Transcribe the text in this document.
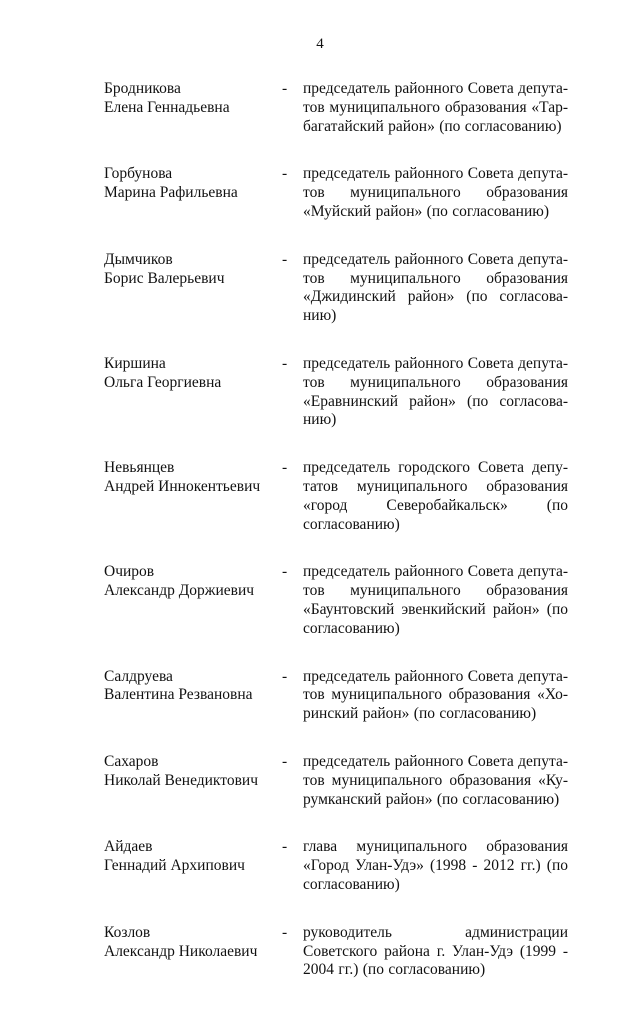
4
Бродникова
Елена Геннадьевна
- председатель районного Совета депутатов муниципального образования «Тарбагатайский район» (по согласованию)
Горбунова
Марина Рафильевна
- председатель районного Совета депутатов муниципального образования «Муйский район» (по согласованию)
Дымчиков
Борис Валерьевич
- председатель районного Совета депутатов муниципального образования «Джидинский район» (по согласованию)
Киршина
Ольга Георгиевна
- председатель районного Совета депутатов муниципального образования «Еравнинский район» (по согласованию)
Невьянцев
Андрей Иннокентьевич
- председатель городского Совета депутатов муниципального образования «город Северобайкальск» (по согласованию)
Очиров
Александр Доржиевич
- председатель районного Совета депутатов муниципального образования «Баунтовский эвенкийский район» (по согласованию)
Салдруева
Валентина Резвановна
- председатель районного Совета депутатов муниципального образования «Хоринский район» (по согласованию)
Сахаров
Николай Венедиктович
- председатель районного Совета депутатов муниципального образования «Курумканский район» (по согласованию)
Айдаев
Геннадий Архипович
- глава муниципального образования «Город Улан-Удэ» (1998 - 2012 гг.) (по согласованию)
Козлов
Александр Николаевич
- руководитель администрации Советского района г. Улан-Удэ (1999 - 2004 гг.) (по согласованию)
